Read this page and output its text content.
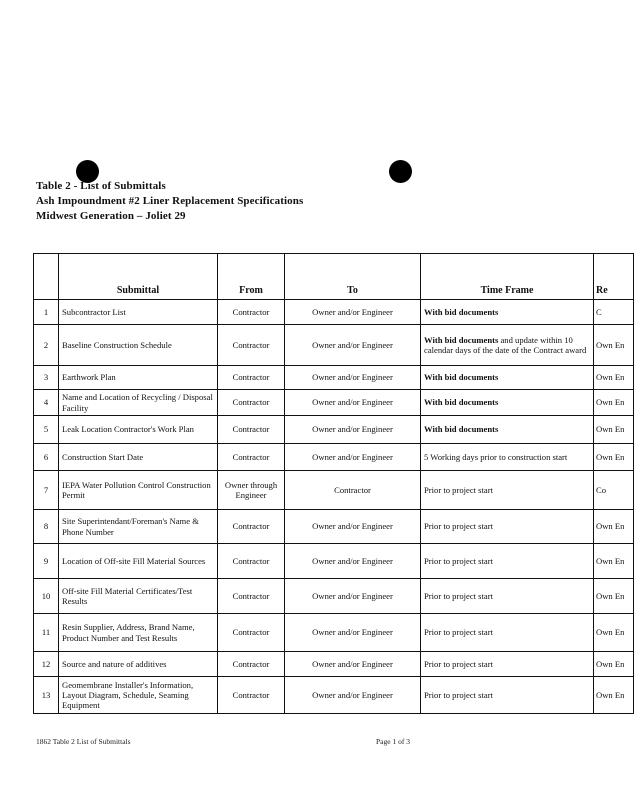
Table 2 - List of Submittals
Ash Impoundment #2 Liner Replacement Specifications
Midwest Generation – Joliet 29
	Submittal	From	To	Time Frame	Re
1	Subcontractor List	Contractor	Owner and/or Engineer	With bid documents	C
2	Baseline Construction Schedule	Contractor	Owner and/or Engineer	With bid documents and update within 10 calendar days of the date of the Contract award	Own En
3	Earthwork Plan	Contractor	Owner and/or Engineer	With bid documents	Own En
4	Name and Location of Recycling / Disposal Facility	Contractor	Owner and/or Engineer	With bid documents	Own En
5	Leak Location Contractor's Work Plan	Contractor	Owner and/or Engineer	With bid documents	Own En
6	Construction Start Date	Contractor	Owner and/or Engineer	5 Working days prior to construction start	Own En
7	IEPA Water Pollution Control Construction Permit	Owner through Engineer	Contractor	Prior to project start	Co
8	Site Superintendant/Foreman's Name & Phone Number	Contractor	Owner and/or Engineer	Prior to project start	Own En
9	Location of Off-site Fill Material Sources	Contractor	Owner and/or Engineer	Prior to project start	Own En
10	Off-site Fill Material Certificates/Test Results	Contractor	Owner and/or Engineer	Prior to project start	Own En
11	Resin Supplier, Address, Brand Name, Product Number and Test Results	Contractor	Owner and/or Engineer	Prior to project start	Own En
12	Source and nature of additives	Contractor	Owner and/or Engineer	Prior to project start	Own En
13	Geomembrane Installer's Information, Layout Diagram, Schedule, Seaming Equipment	Contractor	Owner and/or Engineer	Prior to project start	Own En
1862 Table 2 List of Submittals	Page 1 of 3
